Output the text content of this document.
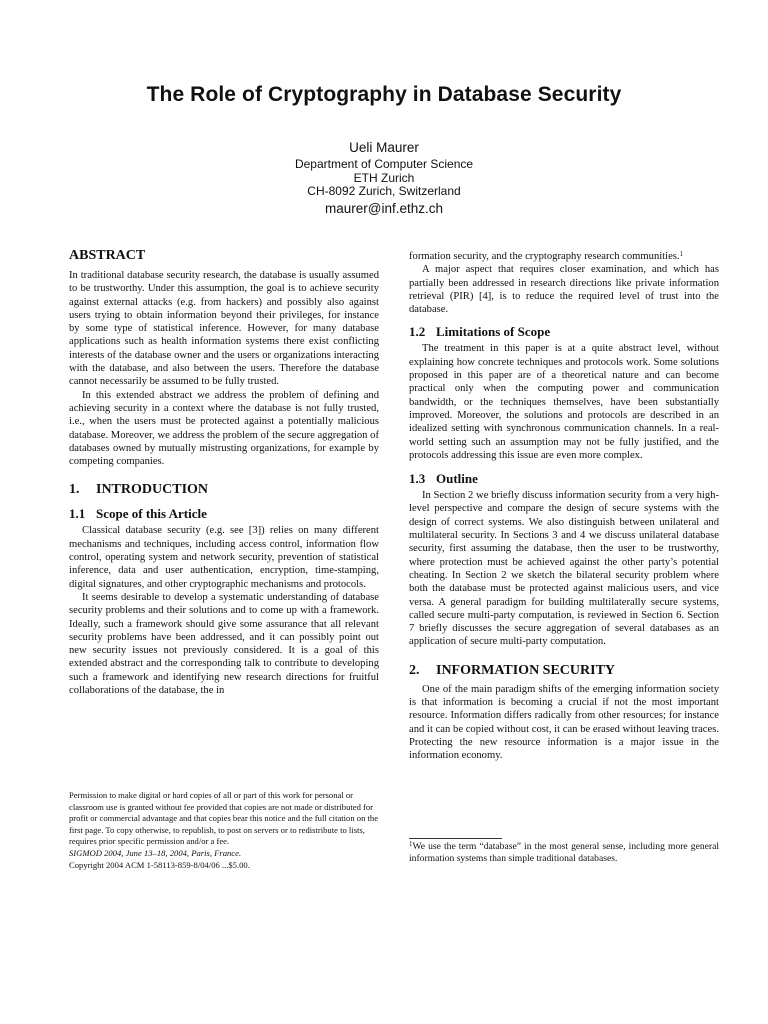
The Role of Cryptography in Database Security
Ueli Maurer
Department of Computer Science
ETH Zurich
CH-8092 Zurich, Switzerland
maurer@inf.ethz.ch
ABSTRACT

In traditional database security research, the database is usually assumed to be trustworthy. Under this assumption, the goal is to achieve security against external attacks (e.g. from hackers) and possibly also against users trying to obtain information beyond their privileges, for instance by some type of statistical inference. However, for many database applications such as health information systems there exist conflicting interests of the database owner and the users or organizations interacting with the database, and also between the users. Therefore the database cannot necessarily be assumed to be fully trusted.

In this extended abstract we address the problem of defining and achieving security in a context where the database is not fully trusted, i.e., when the users must be protected against a potentially malicious database. Moreover, we address the problem of the secure aggregation of databases owned by mutually mistrusting organizations, for example by competing companies.

1. INTRODUCTION
1.1 Scope of this Article

Classical database security (e.g. see [3]) relies on many different mechanisms and techniques, including access control, information flow control, operating system and network security, prevention of statistical inference, data and user authentication, encryption, time-stamping, digital signatures, and other cryptographic mechanisms and protocols.

It seems desirable to develop a systematic understanding of database security problems and their solutions and to come up with a framework. Ideally, such a framework should give some assurance that all relevant security problems have been addressed, and it can possibly point out new security issues not previously considered. It is a goal of this extended abstract and the corresponding talk to contribute to developing such a framework and identifying new research directions for fruitful collaborations of the database, the in

formation security, and the cryptography research communities.$^1$

A major aspect that requires closer examination, and which has partially been addressed in research directions like private information retrieval (PIR) [4], is to reduce the required level of trust into the database.

1.2 Limitations of Scope

The treatment in this paper is at a quite abstract level, without explaining how concrete techniques and protocols work. Some solutions proposed in this paper are of a theoretical nature and can become practical only when the computing power and communication bandwidth, or the techniques themselves, have been substantially improved. Moreover, the solutions and protocols are described in an idealized setting with synchronous communication channels. In a real-world setting such an assumption may not be fully justified, and the protocols addressing this issue are even more complex.

1.3 Outline

In Section 2 we briefly discuss information security from a very high-level perspective and compare the design of secure systems with the design of correct systems. We also distinguish between unilateral and multilateral security. In Sections 3 and 4 we discuss unilateral database security, first assuming the database, then the user to be trustworthy, where protection must be achieved against the other party’s potential cheating. In Section 2 we sketch the bilateral security problem where both the database must be protected against malicious users, and vice versa. A general paradigm for building multilaterally secure systems, called secure multi-party computation, is reviewed in Section 6. Section 7 briefly discusses the secure aggregation of several databases as an application of secure multi-party computation.

2. INFORMATION SECURITY

One of the main paradigm shifts of the emerging information society is that information is becoming a crucial if not the most important resource. Information differs radically from other resources; for instance and it can be copied without cost, it can be erased without leaving traces. Protecting the new resource information is a major issue in the information economy.

Permission to make digital or hard copies of all or part of this work for personal or classroom use is granted without fee provided that copies are not made or distributed for profit or commercial advantage and that copies bear this notice and the full citation on the first page. To copy otherwise, to republish, to post on servers or to redistribute to lists, requires prior specific permission and/or a fee.
SIGMOD 2004, June 13–18, 2004, Paris, France.
Copyright 2004 ACM 1-58113-859-8/04/06 ...$5.00.
$^1$We use the term “database” in the most general sense, including more general information systems than simple traditional databases.
